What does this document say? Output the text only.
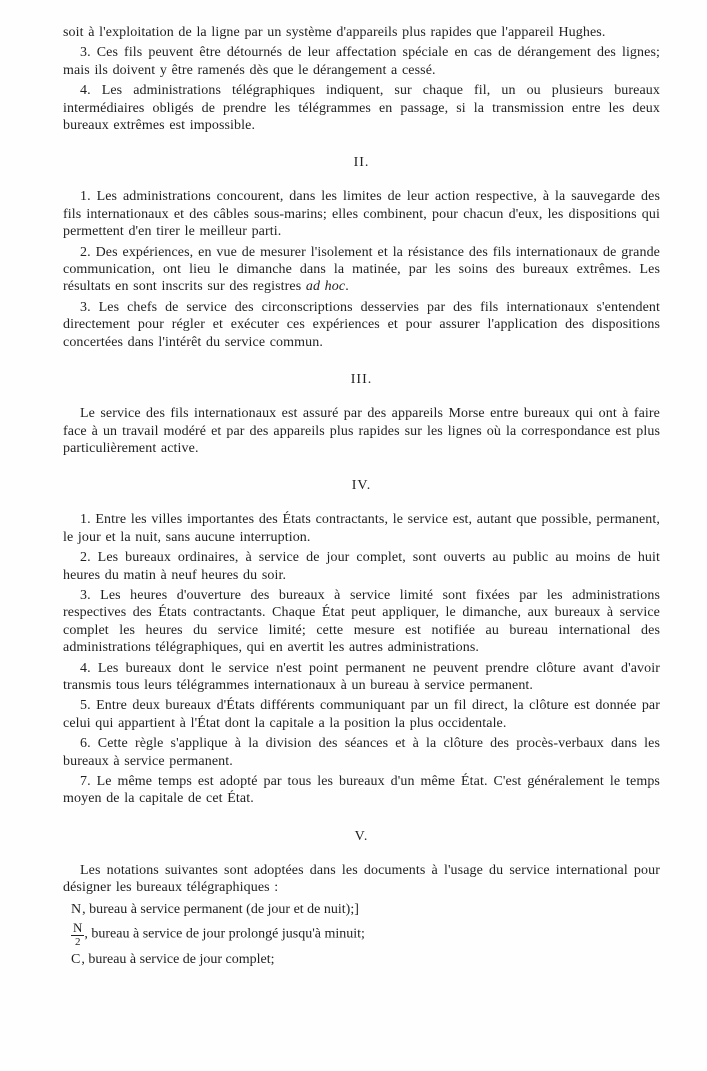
soit à l'exploitation de la ligne par un système d'appareils plus rapides que l'appareil Hughes.

3. Ces fils peuvent être détournés de leur affectation spéciale en cas de dérangement des lignes; mais ils doivent y être ramenés dès que le dérangement a cessé.

4. Les administrations télégraphiques indiquent, sur chaque fil, un ou plusieurs bureaux intermédiaires obligés de prendre les télégrammes en passage, si la transmission entre les deux bureaux extrêmes est impossible.

II.

1. Les administrations concourent, dans les limites de leur action respective, à la sauvegarde des fils internationaux et des câbles sous-marins; elles combinent, pour chacun d'eux, les dispositions qui permettent d'en tirer le meilleur parti.

2. Des expériences, en vue de mesurer l'isolement et la résistance des fils internationaux de grande communication, ont lieu le dimanche dans la matinée, par les soins des bureaux extrêmes. Les résultats en sont inscrits sur des registres ad hoc.

3. Les chefs de service des circonscriptions desservies par des fils internationaux s'entendent directement pour régler et exécuter ces expériences et pour assurer l'application des dispositions concertées dans l'intérêt du service commun.

III.

Le service des fils internationaux est assuré par des appareils Morse entre bureaux qui ont à faire face à un travail modéré et par des appareils plus rapides sur les lignes où la correspondance est plus particulièrement active.

IV.

1. Entre les villes importantes des États contractants, le service est, autant que possible, permanent, le jour et la nuit, sans aucune interruption.

2. Les bureaux ordinaires, à service de jour complet, sont ouverts au public au moins de huit heures du matin à neuf heures du soir.

3. Les heures d'ouverture des bureaux à service limité sont fixées par les administrations respectives des États contractants. Chaque État peut appliquer, le dimanche, aux bureaux à service complet les heures du service limité; cette mesure est notifiée au bureau international des administrations télégraphiques, qui en avertit les autres administrations.

4. Les bureaux dont le service n'est point permanent ne peuvent prendre clôture avant d'avoir transmis tous leurs télégrammes internationaux à un bureau à service permanent.

5. Entre deux bureaux d'États différents communiquant par un fil direct, la clôture est donnée par celui qui appartient à l'État dont la capitale a la position la plus occidentale.

6. Cette règle s'applique à la division des séances et à la clôture des procès-verbaux dans les bureaux à service permanent.

7. Le même temps est adopté par tous les bureaux d'un même État. C'est généralement le temps moyen de la capitale de cet État.

V.

Les notations suivantes sont adoptées dans les documents à l'usage du service international pour désigner les bureaux télégraphiques :

N, bureau à service permanent (de jour et de nuit);]
$\frac{N}{2}$ , bureau à service de jour prolongé jusqu'à minuit;
C, bureau à service de jour complet;
